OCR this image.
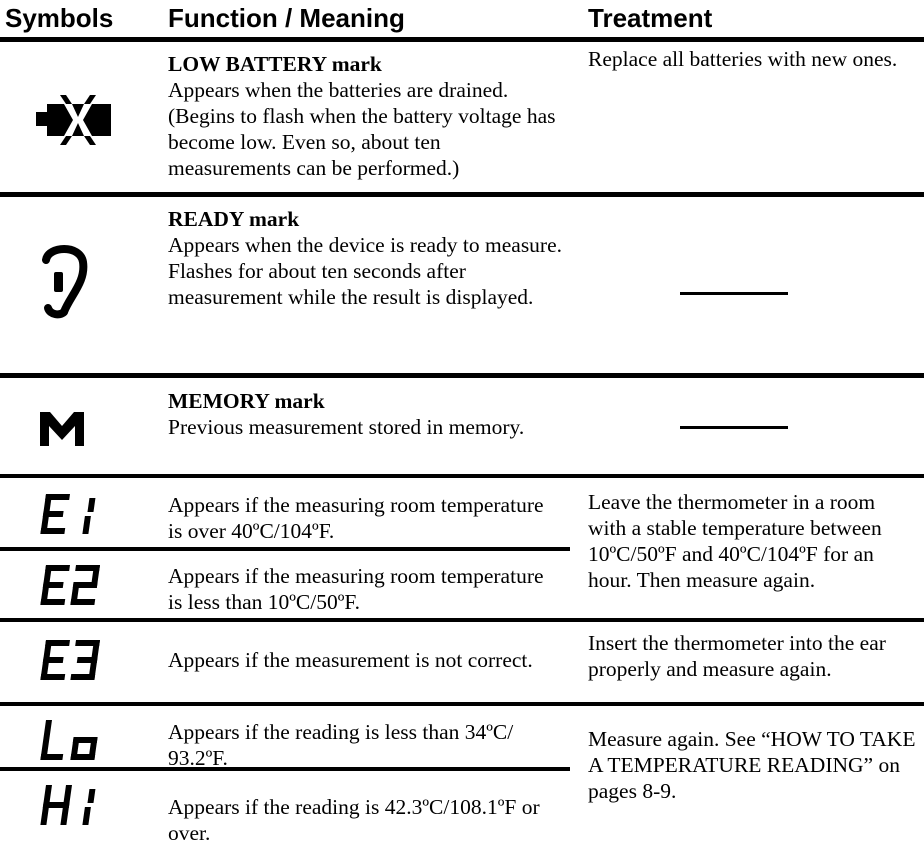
Symbols Function / Meaning	Treatment
LOW BATTERY mark
Appears when the batteries are drained. (Begins to flash when the battery voltage has become low. Even so, about ten measurements can be performed.)
Replace all batteries with new ones.
READY mark
Appears when the device is ready to measure.
Flashes for about ten seconds after measurement while the result is displayed.
MEMORY mark
Previous measurement stored in memory.
Appears if the measuring room temperature is over 40ºC/104ºF.
Appears if the measuring room temperature is less than 10ºC/50ºF.
Leave the thermometer in a room with a stable temperature between 10ºC/50ºF and 40ºC/104ºF for an hour. Then measure again.
Appears if the measurement is not correct.
Insert the thermometer into the ear properly and measure again.
Appears if the reading is less than 34ºC/ 93.2ºF.
Appears if the reading is 42.3ºC/108.1ºF or over.
Measure again. See “HOW TO TAKE A TEMPERATURE READING” on pages 8-9.
